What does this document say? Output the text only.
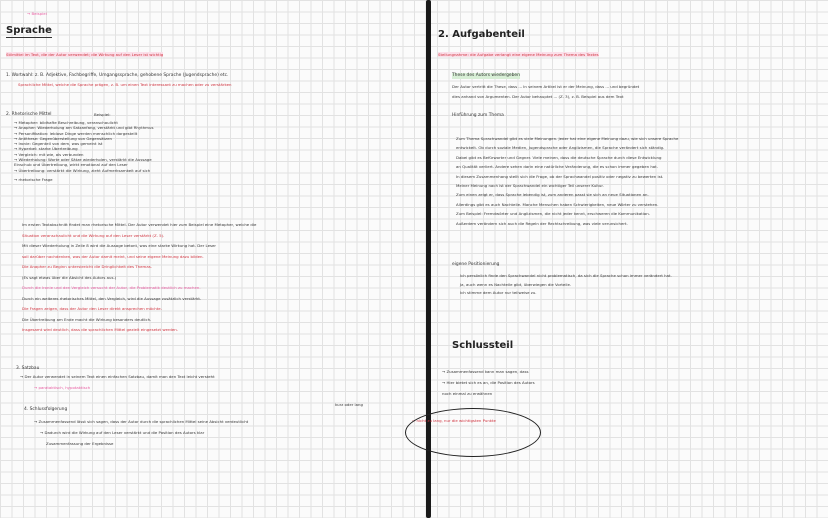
→ Beispiel
Sprache
Stilmittel im Text, die der Autor verwendet; die Wirkung auf den Leser ist wichtig
1. Wortwahl: z. B. Adjektive, Fachbegriffe, Umgangssprache, gehobene Sprache (Jugendsprache) etc.
Sprachliche Mittel, welche die Sprache prägen, z. B. um einen Text interessant zu machen oder zu verstärken
2. Rhetorische Mittel	Beispiel:
→ Metapher: bildhafte Beschreibung, veranschaulicht
→ Anapher: Wiederholung am Satzanfang, verstärkt und gibt Rhythmus
→ Personifikation: leblose Dinge werden menschlich dargestellt
→ Antithese: Gegenüberstellung von Gegensätzen
→ Ironie: Gegenteil von dem, was gemeint ist
→ Hyperbel: starke Übertreibung
→ Vergleich: mit wie, als verbunden
→ Wiederholung: Worte oder Sätze wiederholen, verstärkt die Aussage
Einschub und Übertreibung, wirkt emotional auf den Leser
→ Übertreibung: verstärkt die Wirkung, zieht Aufmerksamkeit auf sich
→ rhetorische Frage
Im ersten Textabschnitt findet man rhetorische Mittel. Der Autor verwendet hier zum Beispiel eine Metapher, welche die
Situation veranschaulicht und die Wirkung auf den Leser verstärkt (Z. 5).
Mit dieser Wiederholung in Zeile 8 wird die Aussage betont, was eine starke Wirkung hat. Der Leser
soll darüber nachdenken, was der Autor damit meint, und seine eigene Meinung dazu bilden.
Die Anapher zu Beginn unterstreicht die Dringlichkeit des Themas.
(Es sagt etwas über die Absicht des Autors aus.)
Durch die Ironie und den Vergleich versucht der Autor, die Problematik deutlich zu machen.
Durch ein weiteres rhetorisches Mittel, den Vergleich, wird die Aussage zusätzlich verstärkt.
Die Fragen zeigen, dass der Autor den Leser direkt ansprechen möchte.
Die Übertreibung am Ende macht die Wirkung besonders deutlich.
Insgesamt wird deutlich, dass die sprachlichen Mittel gezielt eingesetzt werden.
3. Satzbau
→ Der Autor verwendet in seinem Text einen einfachen Satzbau, damit man den Text leicht versteht
→ parataktisch, hypotaktisch
4. Schlussfolgerung
kurz oder lang
→ Zusammenfassend lässt sich sagen, dass der Autor durch die sprachlichen Mittel seine Absicht verdeutlicht
→ Dadurch wird die Wirkung auf den Leser verstärkt und die Position des Autors klar
Zusammenfassung der Ergebnisse
→ nicht zu lang, nur die wichtigsten Punkte
2. Aufgabenteil
Stellungnahme: die Aufgabe verlangt eine eigene Meinung zum Thema des Textes
These des Autors wiedergeben
Der Autor vertritt die These, dass ... In seinem Artikel ist er der Meinung, dass ... und begründet
dies anhand von Argumenten. Der Autor behauptet ... (Z. 3), z. B. Beispiel aus dem Text
Hinführung zum Thema
Zum Thema Sprachwandel gibt es viele Meinungen. Jeder hat eine eigene Meinung dazu, wie sich unsere Sprache
entwickelt. Ob durch soziale Medien, Jugendsprache oder Anglizismen, die Sprache verändert sich ständig.
Dabei gibt es Befürworter und Gegner. Viele meinen, dass die deutsche Sprache durch diese Entwicklung
an Qualität verliert. Andere sehen darin eine natürliche Veränderung, die es schon immer gegeben hat.
In diesem Zusammenhang stellt sich die Frage, ob der Sprachwandel positiv oder negativ zu bewerten ist.
Meiner Meinung nach ist der Sprachwandel ein wichtiger Teil unserer Kultur.
Zum einen zeigt er, dass Sprache lebendig ist, zum anderen passt sie sich an neue Situationen an.
Allerdings gibt es auch Nachteile. Manche Menschen haben Schwierigkeiten, neue Wörter zu verstehen.
Zum Beispiel: Fremdwörter und Anglizismen, die nicht jeder kennt, erschweren die Kommunikation.
Außerdem verändern sich auch die Regeln der Rechtschreibung, was viele verunsichert.
eigene Positionierung
Ich persönlich finde den Sprachwandel nicht problematisch, da sich die Sprache schon immer verändert hat.
Ja, auch wenn es Nachteile gibt, überwiegen die Vorteile.
Ich stimme dem Autor nur teilweise zu.
Schlussteil
→ Zusammenfassend kann man sagen, dass
→ Hier bietet sich es an, die Position des Autors
noch einmal zu erwähnen
